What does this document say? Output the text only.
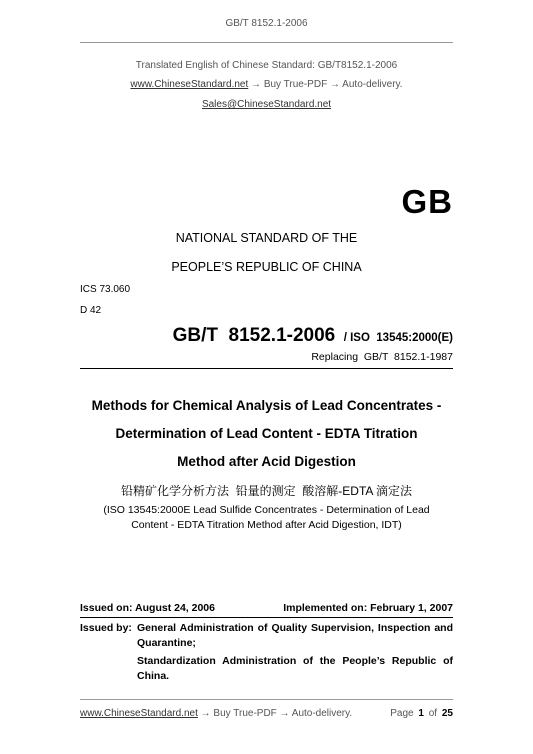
GB/T 8152.1-2006
Translated English of Chinese Standard: GB/T8152.1-2006
www.ChineseStandard.net → Buy True-PDF → Auto-delivery.
Sales@ChineseStandard.net
GB
NATIONAL STANDARD OF THE
PEOPLE’S REPUBLIC OF CHINA
ICS 73.060
D 42
GB/T  8152.1-2006 / ISO  13545:2000(E)
Replacing  GB/T  8152.1-1987
Methods for Chemical Analysis of Lead Concentrates -
Determination of Lead Content - EDTA Titration
Method after Acid Digestion
铅精矿化学分析方法  铅量的测定  酸溶解-EDTA 滴定法
(ISO 13545:2000E Lead Sulfide Concentrates - Determination of Lead
Content - EDTA Titration Method after Acid Digestion, IDT)
Issued on: August 24, 2006	Implemented on: February 1, 2007
Issued by: General Administration of Quality Supervision, Inspection and
Quarantine;
Standardization Administration of the People’s Republic of
China.
www.ChineseStandard.net → Buy True-PDF → Auto-delivery.	Page 1 of 25
